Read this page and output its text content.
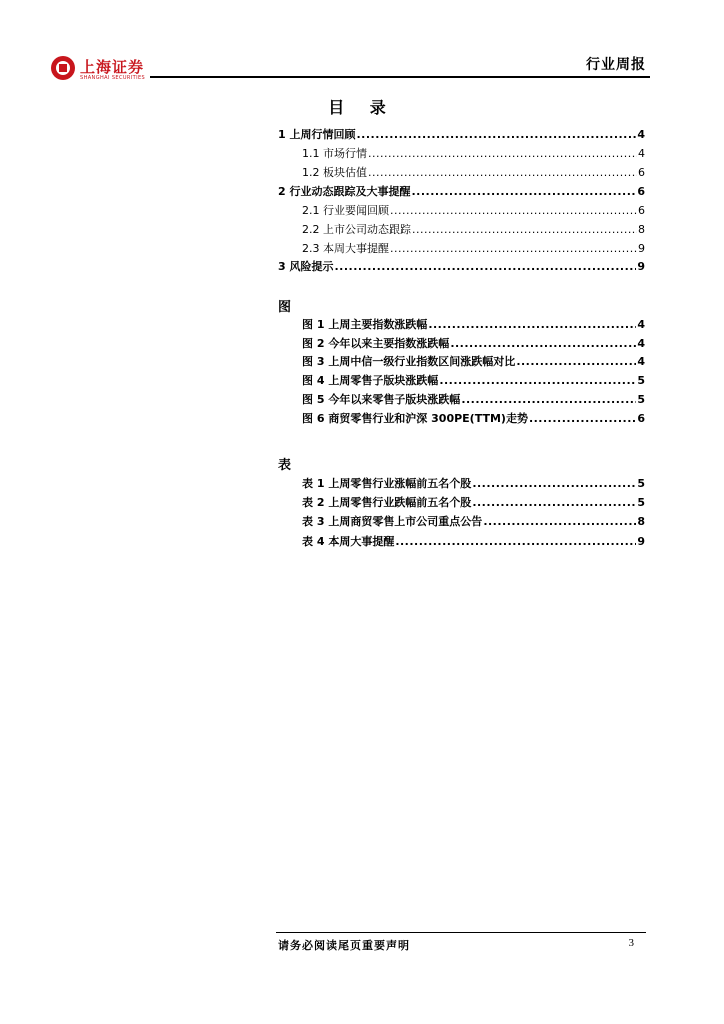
上海证券
SHANGHAI SECURITIES
行业周报
目 录
1 上周行情回顾 .....	4
1.1 市场行情 .....	4
1.2 板块估值 .....	6
2 行业动态跟踪及大事提醒 .....	6
2.1 行业要闻回顾 .....	6
2.2 上市公司动态跟踪 .....	8
2.3 本周大事提醒 .....	9
3 风险提示 .....	9
图
图 1 上周主要指数涨跌幅 .....	4
图 2 今年以来主要指数涨跌幅 .....	4
图 3 上周中信一级行业指数区间涨跌幅对比 .....	4
图 4 上周零售子版块涨跌幅 .....	5
图 5 今年以来零售子版块涨跌幅 .....	5
图 6 商贸零售行业和沪深 300PE(TTM)走势 .....	6
表
表 1 上周零售行业涨幅前五名个股 .....	5
表 2 上周零售行业跌幅前五名个股 .....	5
表 3 上周商贸零售上市公司重点公告 .....	8
表 4 本周大事提醒 .....	9
请务必阅读尾页重要声明	3
